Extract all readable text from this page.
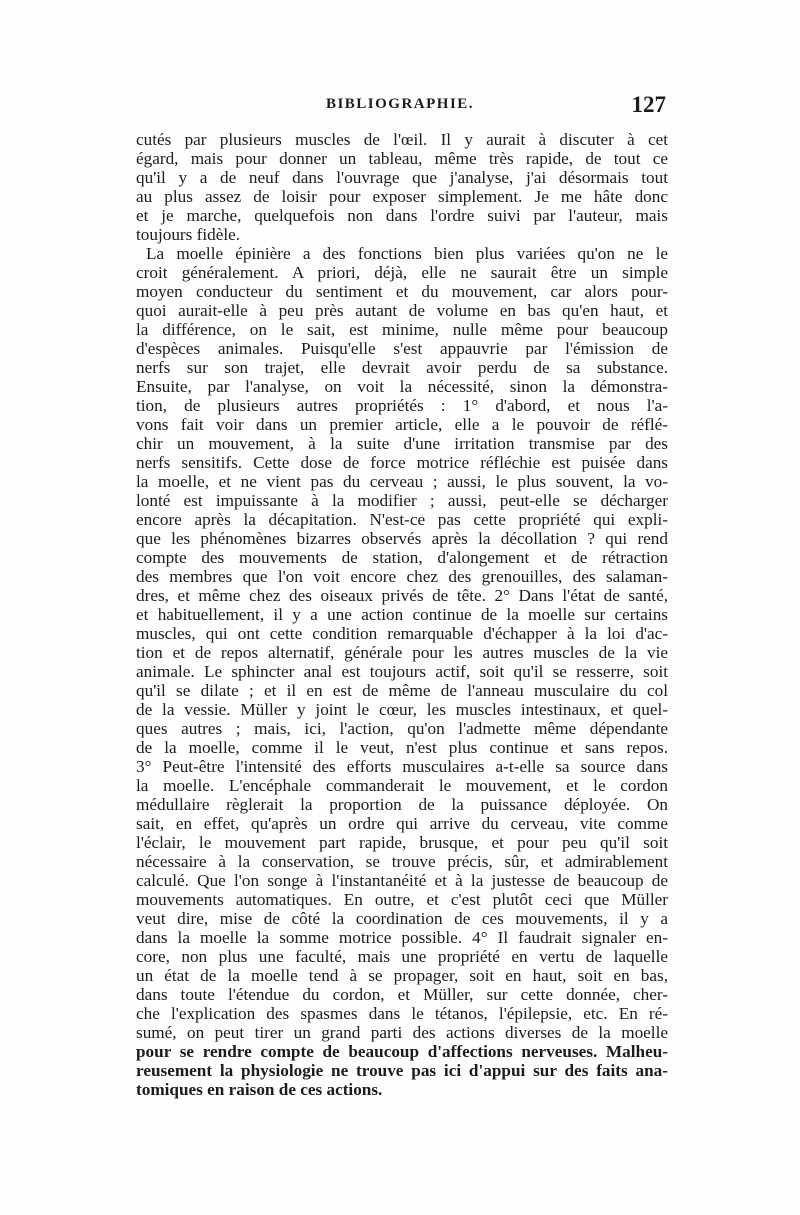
BIBLIOGRAPHIE.	127
cutés par plusieurs muscles de l'œil. Il y aurait à discuter à cet
égard, mais pour donner un tableau, même très rapide, de tout ce
qu'il y a de neuf dans l'ouvrage que j'analyse, j'ai désormais tout
au plus assez de loisir pour exposer simplement. Je me hâte donc
et je marche, quelquefois non dans l'ordre suivi par l'auteur, mais
toujours fidèle.
La moelle épinière a des fonctions bien plus variées qu'on ne le
croit généralement. A priori, déjà, elle ne saurait être un simple
moyen conducteur du sentiment et du mouvement, car alors pour-
quoi aurait-elle à peu près autant de volume en bas qu'en haut, et
la différence, on le sait, est minime, nulle même pour beaucoup
d'espèces animales. Puisqu'elle s'est appauvrie par l'émission de
nerfs sur son trajet, elle devrait avoir perdu de sa substance.
Ensuite, par l'analyse, on voit la nécessité, sinon la démonstra-
tion, de plusieurs autres propriétés : 1° d'abord, et nous l'a-
vons fait voir dans un premier article, elle a le pouvoir de réflé-
chir un mouvement, à la suite d'une irritation transmise par des
nerfs sensitifs. Cette dose de force motrice réfléchie est puisée dans
la moelle, et ne vient pas du cerveau ; aussi, le plus souvent, la vo-
lonté est impuissante à la modifier ; aussi, peut-elle se décharger
encore après la décapitation. N'est-ce pas cette propriété qui expli-
que les phénomènes bizarres observés après la décollation ? qui rend
compte des mouvements de station, d'alongement et de rétraction
des membres que l'on voit encore chez des grenouilles, des salaman-
dres, et même chez des oiseaux privés de tête. 2° Dans l'état de santé,
et habituellement, il y a une action continue de la moelle sur certains
muscles, qui ont cette condition remarquable d'échapper à la loi d'ac-
tion et de repos alternatif, générale pour les autres muscles de la vie
animale. Le sphincter anal est toujours actif, soit qu'il se resserre, soit
qu'il se dilate ; et il en est de même de l'anneau musculaire du col
de la vessie. Müller y joint le cœur, les muscles intestinaux, et quel-
ques autres ; mais, ici, l'action, qu'on l'admette même dépendante
de la moelle, comme il le veut, n'est plus continue et sans repos.
3° Peut-être l'intensité des efforts musculaires a-t-elle sa source dans
la moelle. L'encéphale commanderait le mouvement, et le cordon
médullaire règlerait la proportion de la puissance déployée. On
sait, en effet, qu'après un ordre qui arrive du cerveau, vite comme
l'éclair, le mouvement part rapide, brusque, et pour peu qu'il soit
nécessaire à la conservation, se trouve précis, sûr, et admirablement
calculé. Que l'on songe à l'instantanéité et à la justesse de beaucoup de
mouvements automatiques. En outre, et c'est plutôt ceci que Müller
veut dire, mise de côté la coordination de ces mouvements, il y a
dans la moelle la somme motrice possible. 4° Il faudrait signaler en-
core, non plus une faculté, mais une propriété en vertu de laquelle
un état de la moelle tend à se propager, soit en haut, soit en bas,
dans toute l'étendue du cordon, et Müller, sur cette donnée, cher-
che l'explication des spasmes dans le tétanos, l'épilepsie, etc. En ré-
sumé, on peut tirer un grand parti des actions diverses de la moelle
pour se rendre compte de beaucoup d'affections nerveuses. Malheu-
reusement la physiologie ne trouve pas ici d'appui sur des faits ana-
tomiques en raison de ces actions.
